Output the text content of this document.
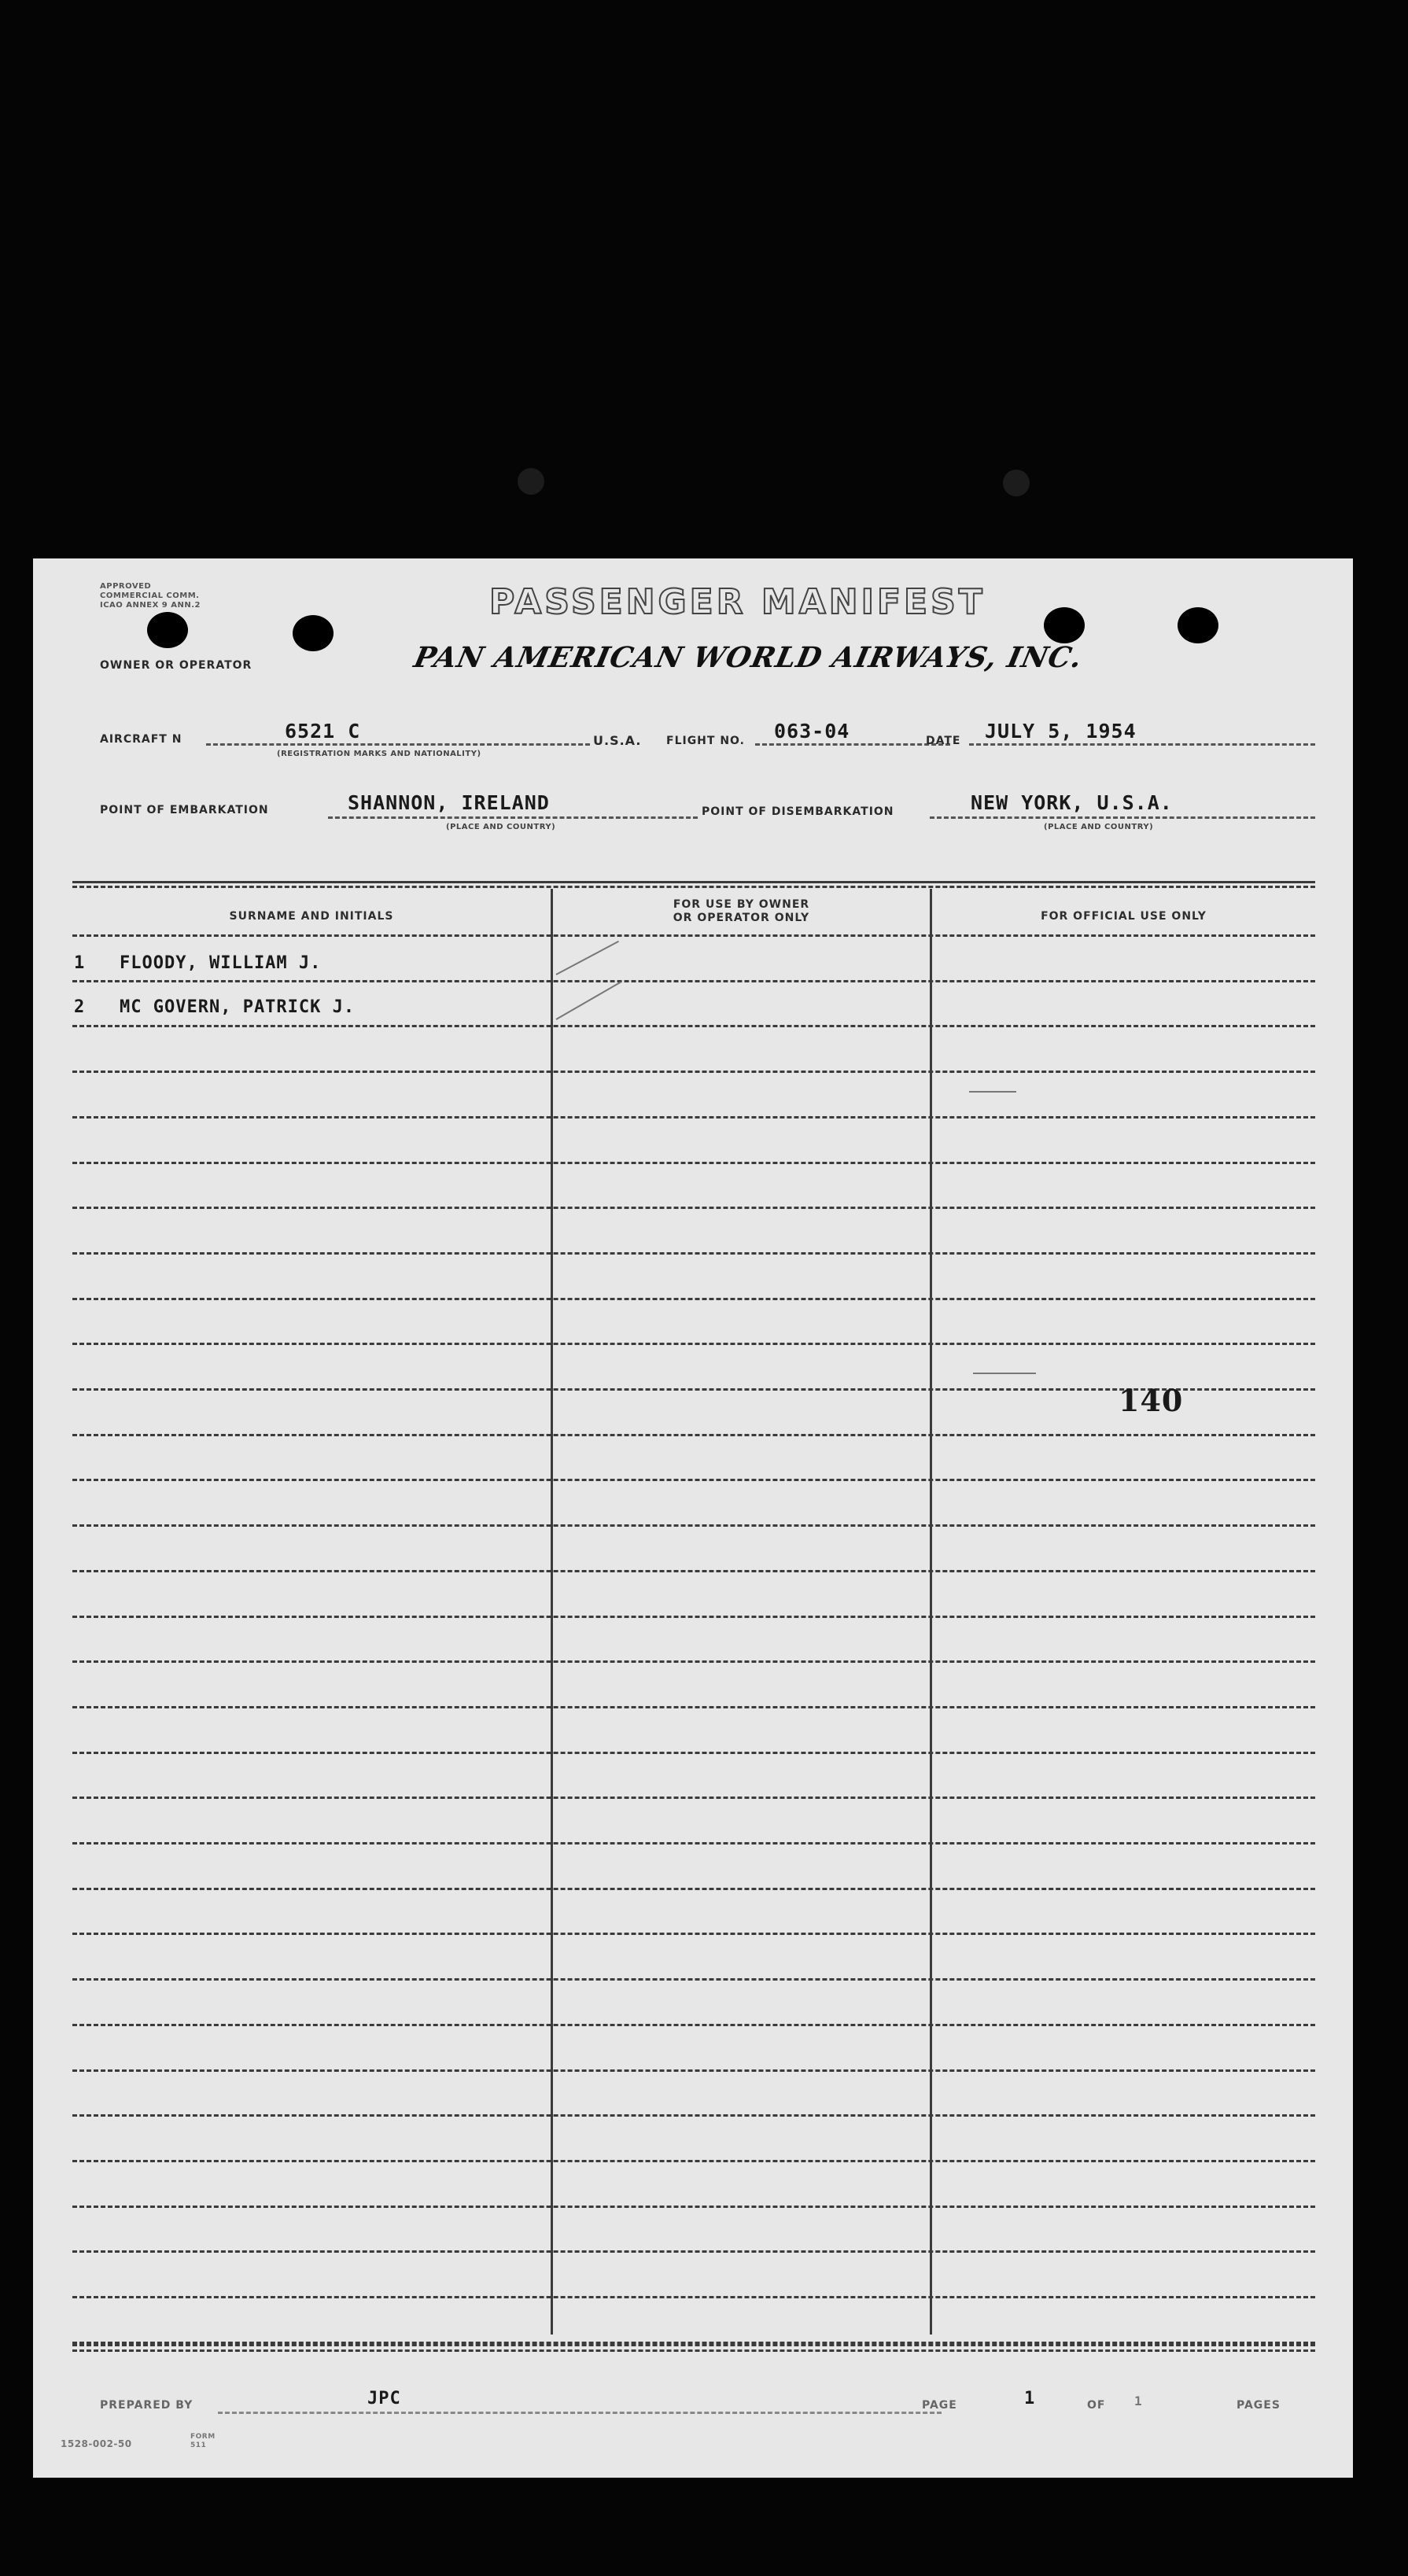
APPROVED
COMMERCIAL COMM.
ICAO ANNEX 9 ANN.2	PASSENGER MANIFEST
OWNER OR OPERATOR	PAN AMERICAN WORLD AIRWAYS, INC.
AIRCRAFT N	6521 C
(REGISTRATION MARKS AND NATIONALITY)
U.S.A. FLIGHT NO. 063-04	DATE JULY 5, 1954
POINT OF EMBARKATION	SHANNON, IRELAND
(PLACE AND COUNTRY)
POINT OF DISEMBARKATION	NEW YORK, U.S.A.
(PLACE AND COUNTRY)
SURNAME AND INITIALS
FOR USE BY OWNER
OR OPERATOR ONLY	FOR OFFICIAL USE ONLY
1 FLOODY, WILLIAM J.
2 MC GOVERN, PATRICK J.
140
PREPARED BY	JPC	PAGE	1	OF 1	PAGES
1528-002-50
FORM
511
